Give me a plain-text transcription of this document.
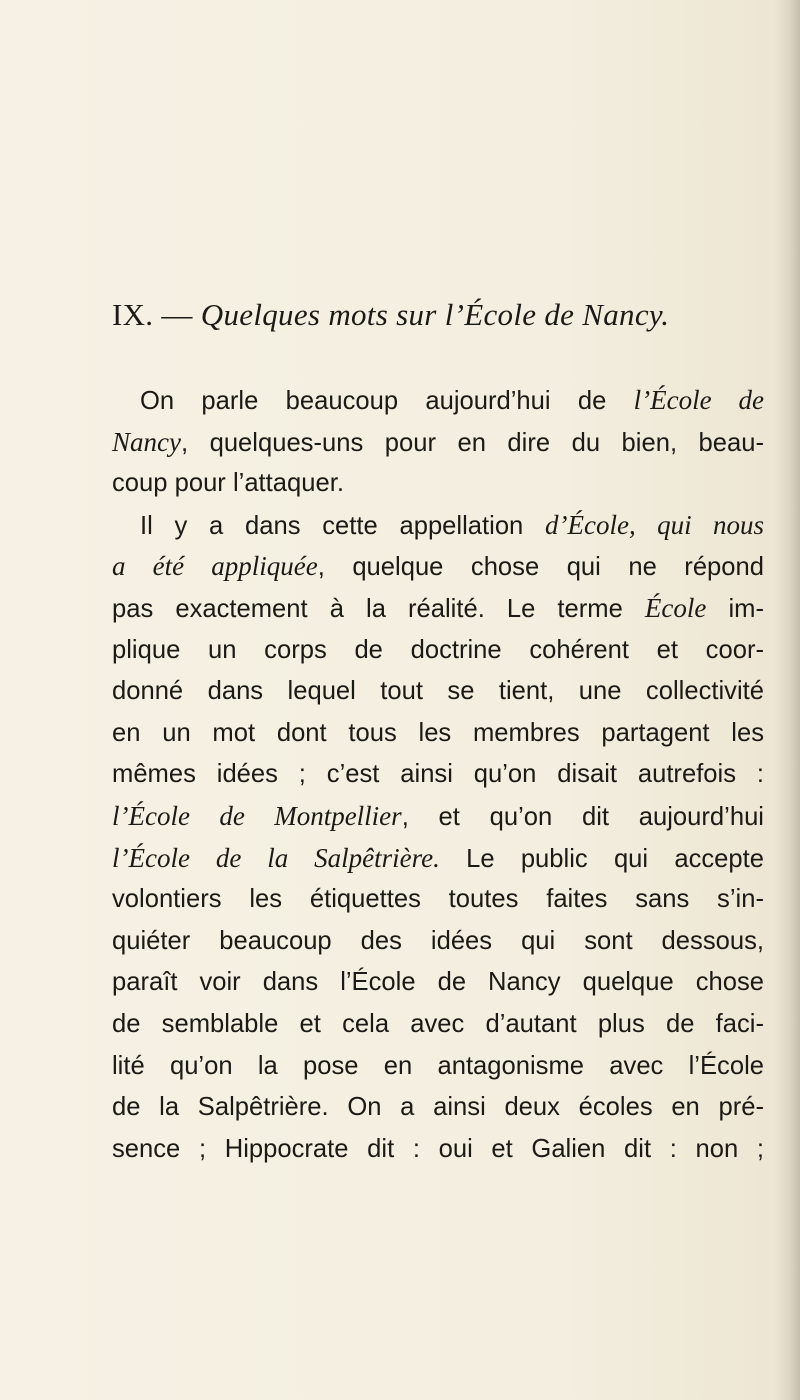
IX. — Quelques mots sur l’École de Nancy.
On parle beaucoup aujourd’hui de l’École de
Nancy, quelques-uns pour en dire du bien, beau-
coup pour l’attaquer.
Il y a dans cette appellation d’École, qui nous
a été appliquée, quelque chose qui ne répond
pas exactement à la réalité. Le terme École im-
plique un corps de doctrine cohérent et coor-
donné dans lequel tout se tient, une collectivité
en un mot dont tous les membres partagent les
mêmes idées ; c’est ainsi qu’on disait autrefois :
l’École de Montpellier, et qu’on dit aujourd’hui
l’École de la Salpêtrière. Le public qui accepte
volontiers les étiquettes toutes faites sans s’in-
quiéter beaucoup des idées qui sont dessous,
paraît voir dans l’École de Nancy quelque chose
de semblable et cela avec d’autant plus de faci-
lité qu’on la pose en antagonisme avec l’École
de la Salpêtrière. On a ainsi deux écoles en pré-
sence ; Hippocrate dit : oui et Galien dit : non ;
